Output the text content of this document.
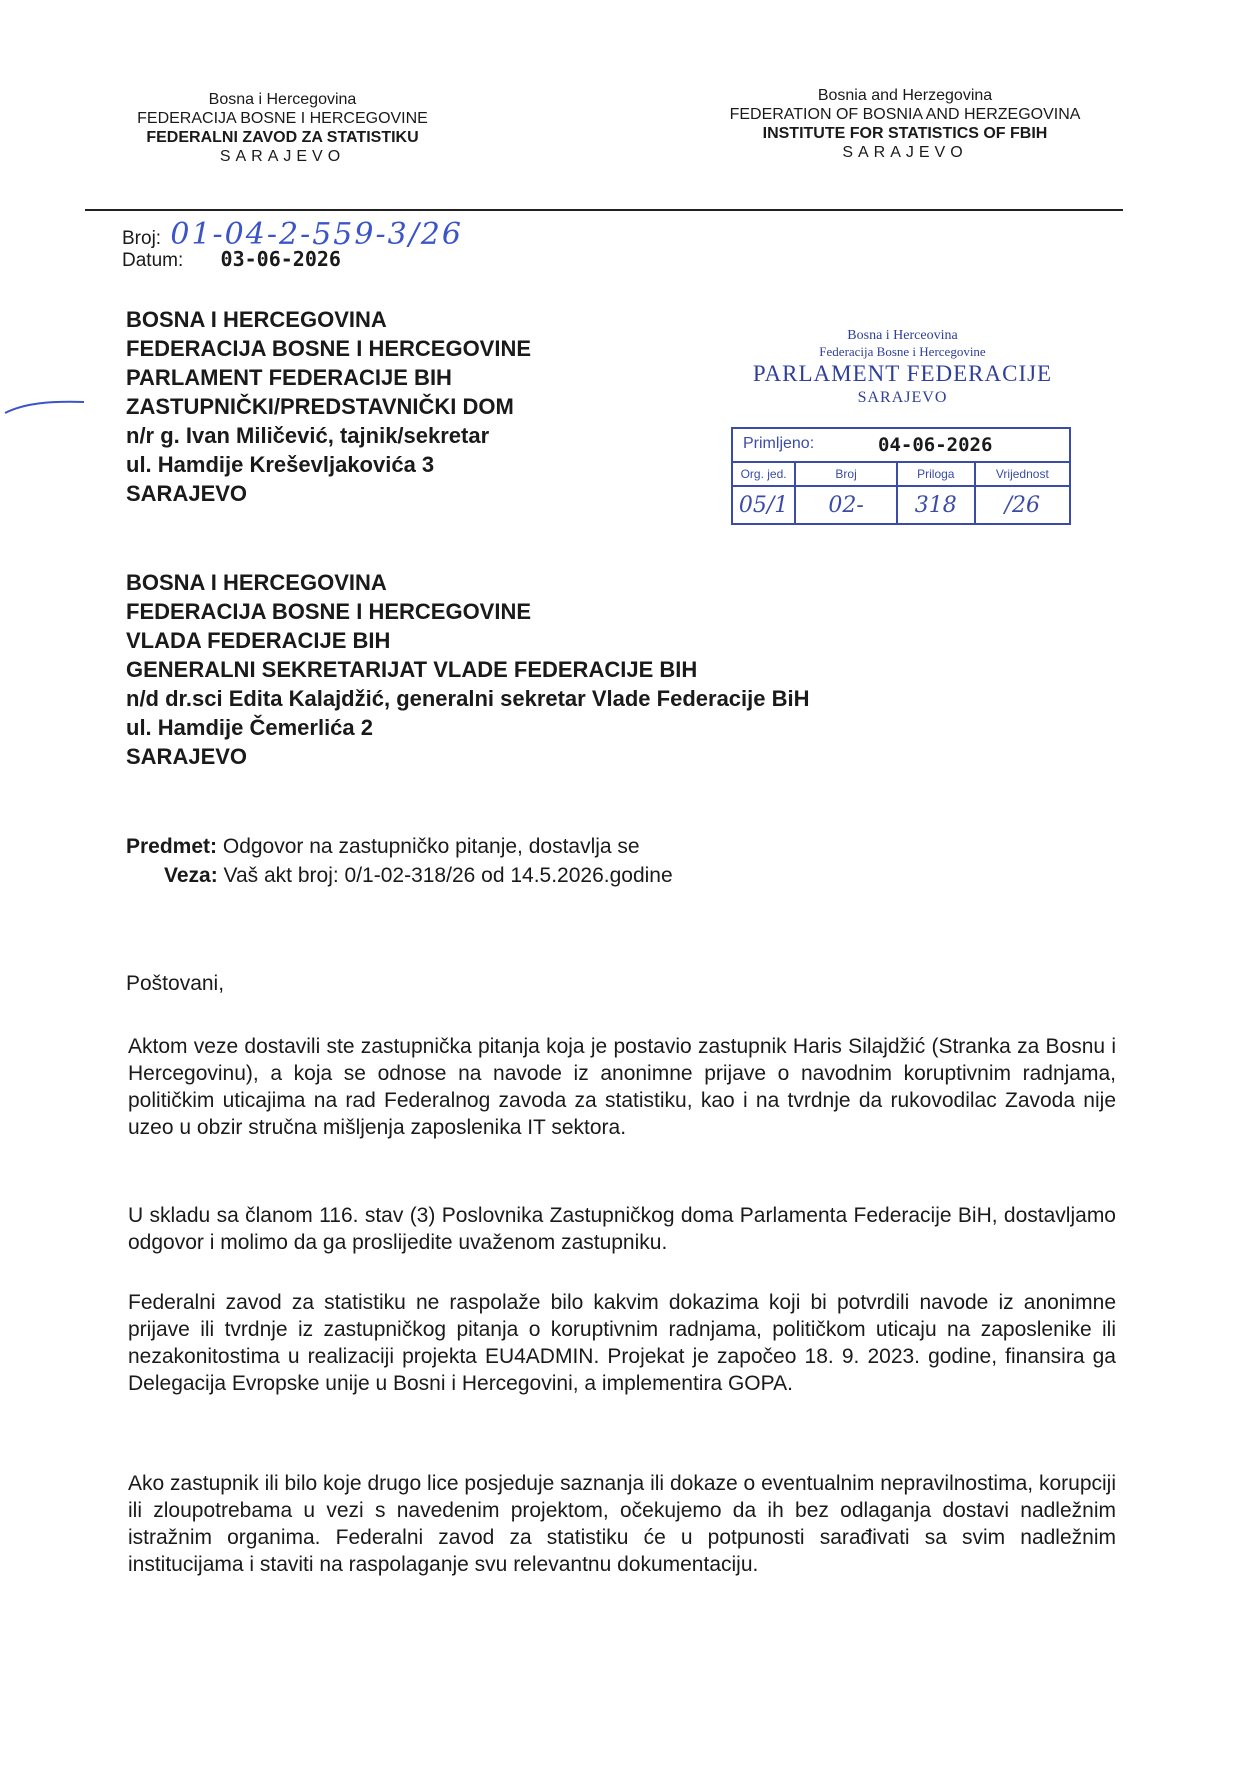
Bosna i Hercegovina
FEDERACIJA BOSNE I HERCEGOVINE
FEDERALNI ZAVOD ZA STATISTIKU
SARAJEVO
Bosnia and Herzegovina
FEDERATION OF BOSNIA AND HERZEGOVINA
INSTITUTE FOR STATISTICS OF FBIH
SARAJEVO
Broj: 01-04-2-559-3/26
Datum: 03-06-2026
BOSNA I HERCEGOVINA
FEDERACIJA BOSNE I HERCEGOVINE
PARLAMENT FEDERACIJE BIH
ZASTUPNIČKI/PREDSTAVNIČKI DOM
n/r g. Ivan Miličević, tajnik/sekretar
ul. Hamdije Kreševljakovića 3
SARAJEVO
Bosna i Herceovina
Federacija Bosne i Hercegovine
PARLAMENT FEDERACIJE
SARAJEVO
Primljeno: 04-06-2026			

Org. jed.	Broj	Priloga	Vrijednost
05/1	02-	318	/26
BOSNA I HERCEGOVINA
FEDERACIJA BOSNE I HERCEGOVINE
VLADA FEDERACIJE BIH
GENERALNI SEKRETARIJAT VLADE FEDERACIJE BIH
n/d dr.sci Edita Kalajdžić, generalni sekretar Vlade Federacije BiH
ul. Hamdije Čemerlića 2
SARAJEVO
Predmet: Odgovor na zastupničko pitanje, dostavlja se
Veza: Vaš akt broj: 0/1-02-318/26 od 14.5.2026.godine
Poštovani,
Aktom veze dostavili ste zastupnička pitanja koja je postavio zastupnik Haris Silajdžić (Stranka za Bosnu i Hercegovinu), a koja se odnose na navode iz anonimne prijave o navodnim koruptivnim radnjama, političkim uticajima na rad Federalnog zavoda za statistiku, kao i na tvrdnje da rukovodilac Zavoda nije uzeo u obzir stručna mišljenja zaposlenika IT sektora.
U skladu sa članom 116. stav (3) Poslovnika Zastupničkog doma Parlamenta Federacije BiH, dostavljamo odgovor i molimo da ga proslijedite uvaženom zastupniku.
Federalni zavod za statistiku ne raspolaže bilo kakvim dokazima koji bi potvrdili navode iz anonimne prijave ili tvrdnje iz zastupničkog pitanja o koruptivnim radnjama, političkom uticaju na zaposlenike ili nezakonitostima u realizaciji projekta EU4ADMIN. Projekat je započeo 18. 9. 2023. godine, finansira ga Delegacija Evropske unije u Bosni i Hercegovini, a implementira GOPA.
Ako zastupnik ili bilo koje drugo lice posjeduje saznanja ili dokaze o eventualnim nepravilnostima, korupciji ili zloupotrebama u vezi s navedenim projektom, očekujemo da ih bez odlaganja dostavi nadležnim istražnim organima. Federalni zavod za statistiku će u potpunosti sarađivati sa svim nadležnim institucijama i staviti na raspolaganje svu relevantnu dokumentaciju.
